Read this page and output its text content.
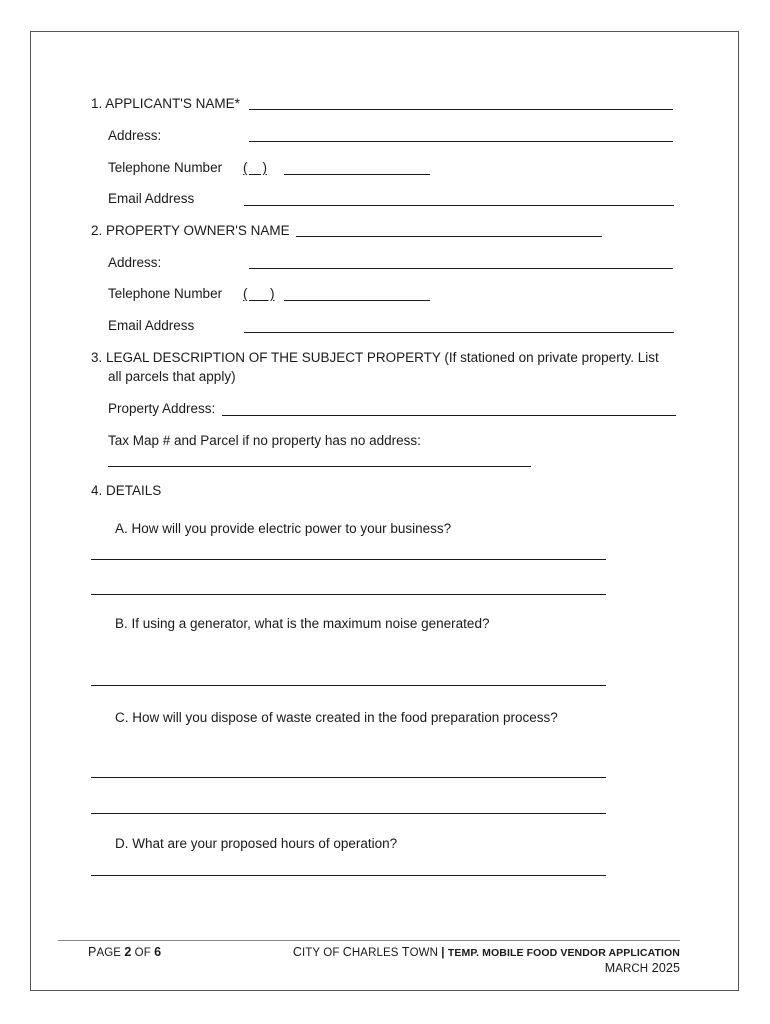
1. APPLICANT'S NAME*
Address:
Telephone Number ( _ )
Email Address
2. PROPERTY OWNER'S NAME
Address:
Telephone Number (      )
Email Address
3. LEGAL DESCRIPTION OF THE SUBJECT PROPERTY (If stationed on private property. List
all parcels that apply)
Property Address:
Tax Map # and Parcel if no property has no address:
4. DETAILS
A. How will you provide electric power to your business?
B. If using a generator, what is the maximum noise generated?
C. How will you dispose of waste created in the food preparation process?
D. What are your proposed hours of operation?
PAGE 2 OF 6	CITY OF CHARLES TOWN | TEMP. MOBILE FOOD VENDOR APPLICATION
MARCH 2025
